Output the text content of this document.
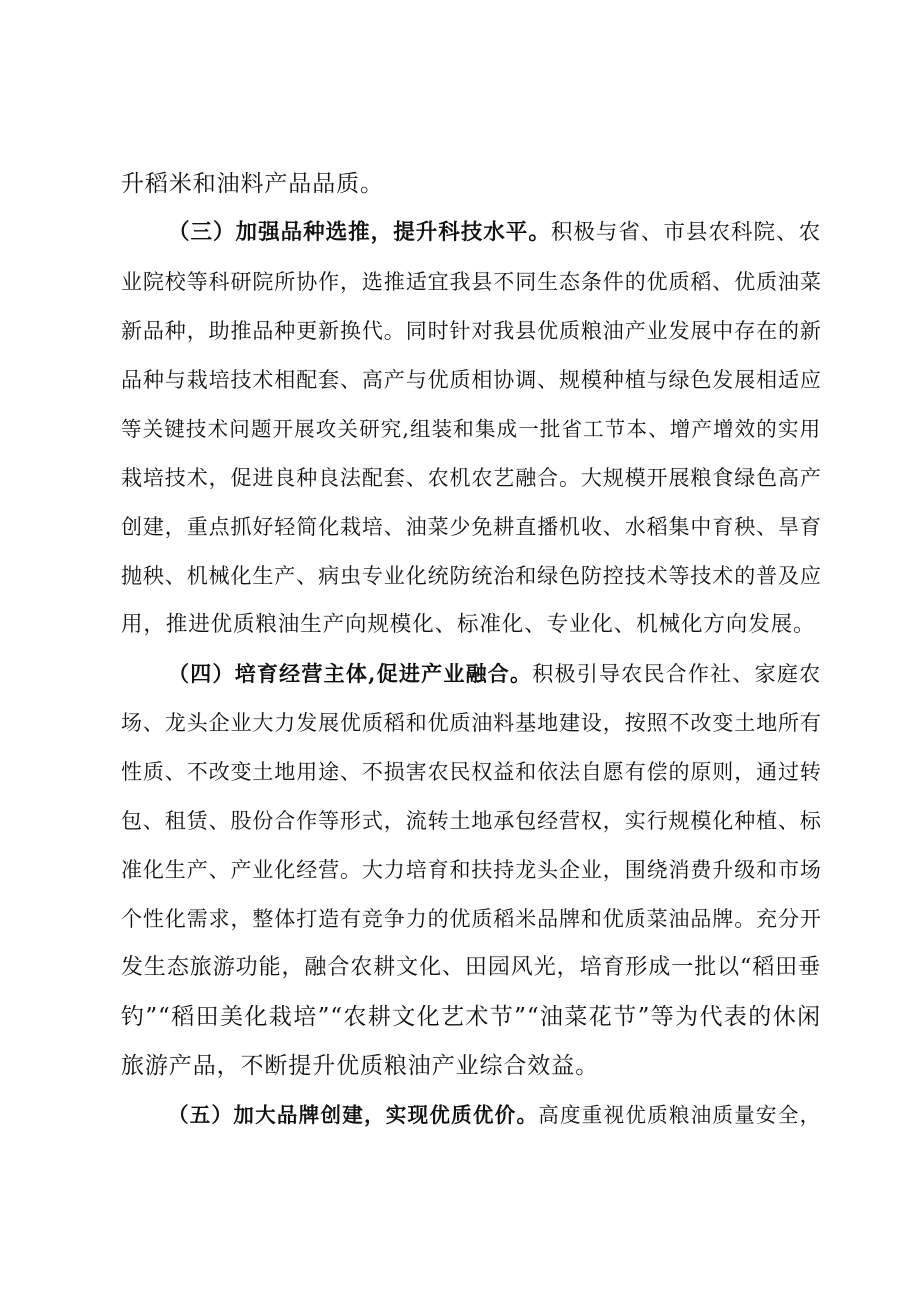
升稻米和油料产品品质。
（三）加强品种选推，提升科技水平。积极与省、市县农科院、农
业院校等科研院所协作，选推适宜我县不同生态条件的优质稻、优质油菜
新品种，助推品种更新换代。同时针对我县优质粮油产业发展中存在的新
品种与栽培技术相配套、高产与优质相协调、规模种植与绿色发展相适应
等关键技术问题开展攻关研究,组装和集成一批省工节本、增产增效的实用
栽培技术，促进良种良法配套、农机农艺融合。大规模开展粮食绿色高产
创建，重点抓好轻简化栽培、油菜少免耕直播机收、水稻集中育秧、旱育
抛秧、机械化生产、病虫专业化统防统治和绿色防控技术等技术的普及应
用，推进优质粮油生产向规模化、标准化、专业化、机械化方向发展。
（四）培育经营主体,促进产业融合。积极引导农民合作社、家庭农
场、龙头企业大力发展优质稻和优质油料基地建设，按照不改变土地所有
性质、不改变土地用途、不损害农民权益和依法自愿有偿的原则，通过转
包、租赁、股份合作等形式，流转土地承包经营权，实行规模化种植、标
准化生产、产业化经营。大力培育和扶持龙头企业，围绕消费升级和市场
个性化需求，整体打造有竞争力的优质稻米品牌和优质菜油品牌。充分开
发生态旅游功能，融合农耕文化、田园风光，培育形成一批以“稻田垂
钓”“稻田美化栽培”“农耕文化艺术节”“油菜花节”等为代表的休闲
旅游产品，不断提升优质粮油产业综合效益。
（五）加大品牌创建，实现优质优价。高度重视优质粮油质量安全，
